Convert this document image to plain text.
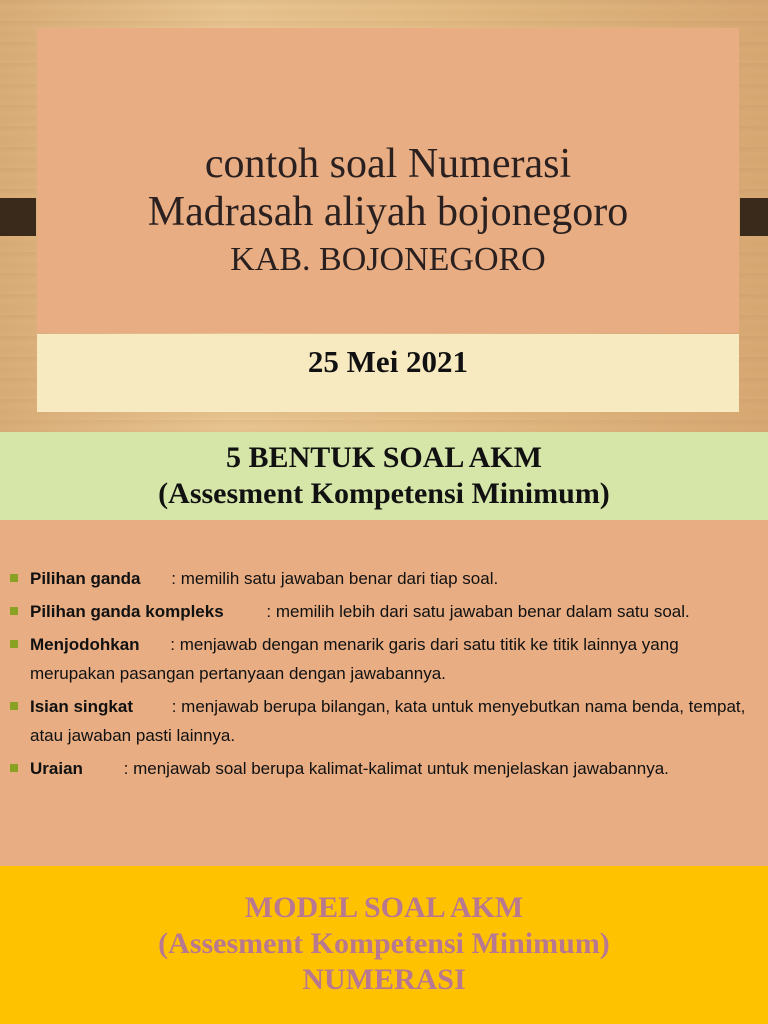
contoh soal Numerasi
Madrasah aliyah bojonegoro
KAB. BOJONEGORO
25 Mei 2021
5 BENTUK SOAL AKM
(Assesment Kompetensi Minimum)
Pilihan ganda : memilih satu jawaban benar dari tiap soal.
Pilihan ganda kompleks	: memilih lebih dari satu jawaban benar dalam satu soal.
Menjodohkan : menjawab dengan menarik garis dari satu titik ke titik lainnya yang merupakan pasangan pertanyaan dengan jawabannya.
Isian singkat : menjawab berupa bilangan, kata untuk menyebutkan nama benda, tempat, atau jawaban pasti lainnya.
Uraian : menjawab soal berupa kalimat-kalimat untuk menjelaskan jawabannya.
MODEL SOAL AKM
(Assesment Kompetensi Minimum)
NUMERASI
